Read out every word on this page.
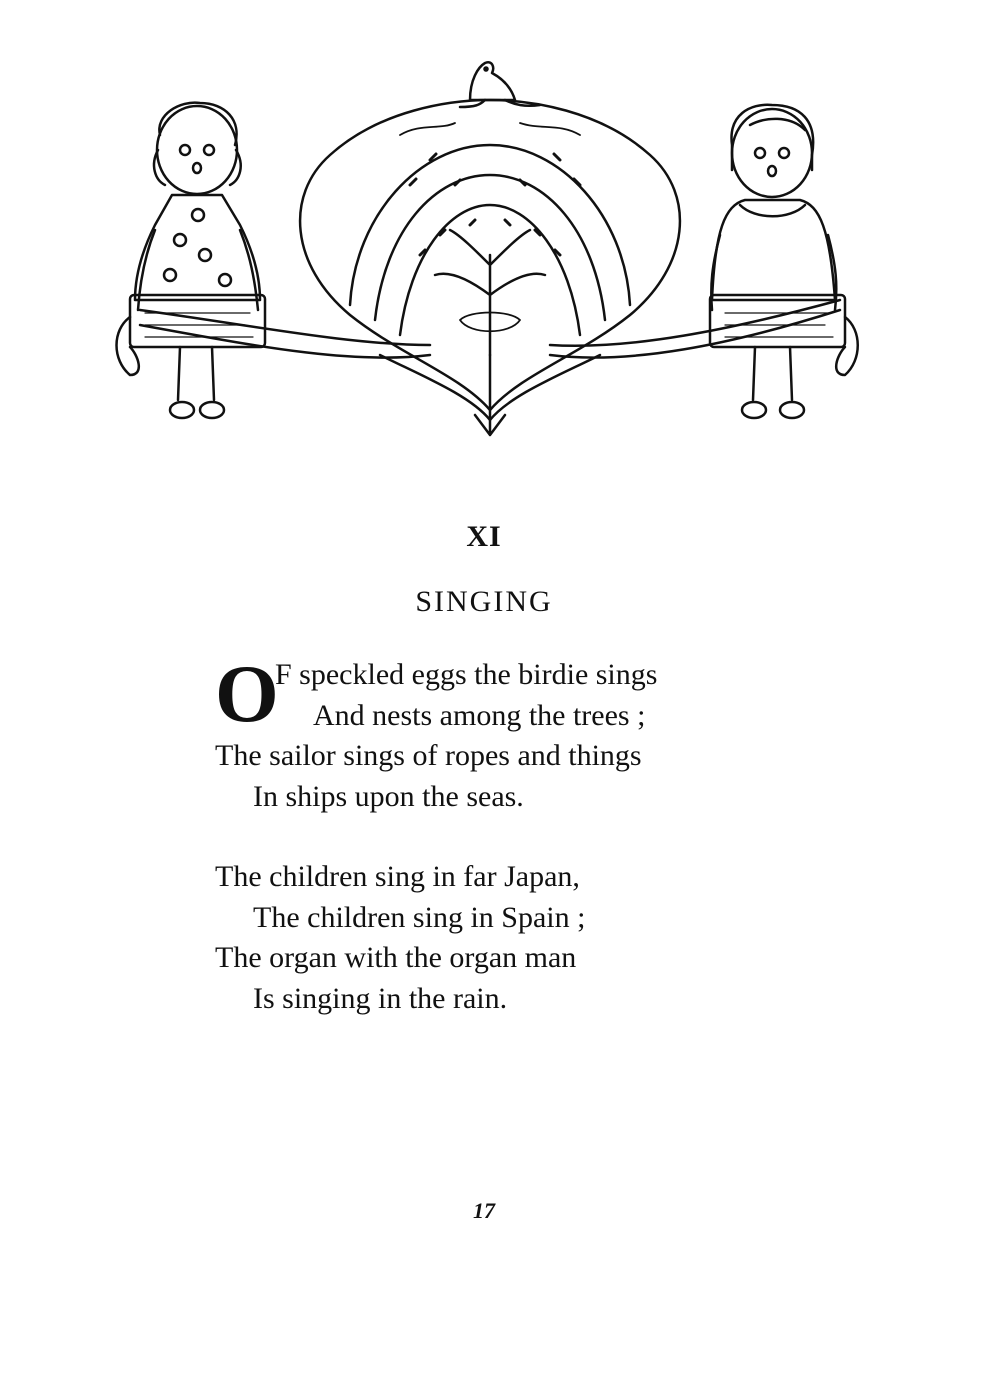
XI
SINGING
O
F speckled eggs the birdie sings
And nests among the trees ;
The sailor sings of ropes and things
In ships upon the seas.
The children sing in far Japan,
The children sing in Spain ;
The organ with the organ man
Is singing in the rain.
17
